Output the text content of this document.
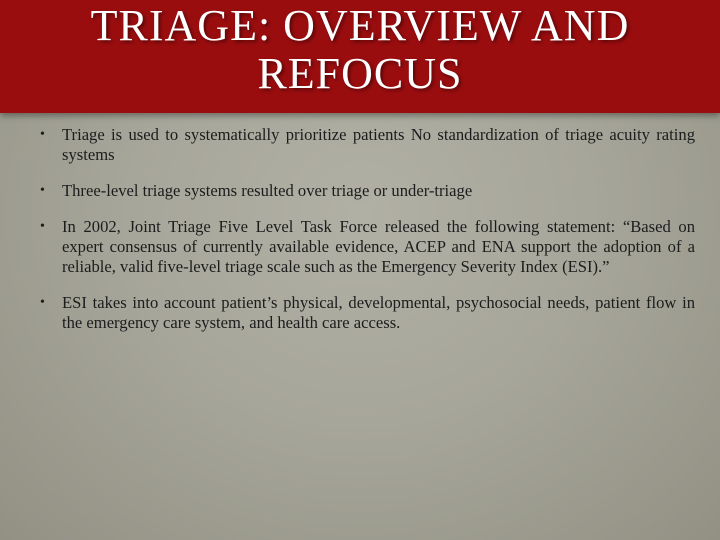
TRIAGE: OVERVIEW AND REFOCUS
• Triage is used to systematically prioritize patients No standardization of triage acuity rating systems
• Three-level triage systems resulted over triage or under-triage
• In 2002, Joint Triage Five Level Task Force released the following statement: “Based on expert consensus of currently available evidence, ACEP and ENA support the adoption of a reliable, valid five-level triage scale such as the Emergency Severity Index (ESI).”
• ESI takes into account patient’s physical, developmental, psychosocial needs, patient flow in the emergency care system, and health care access.
